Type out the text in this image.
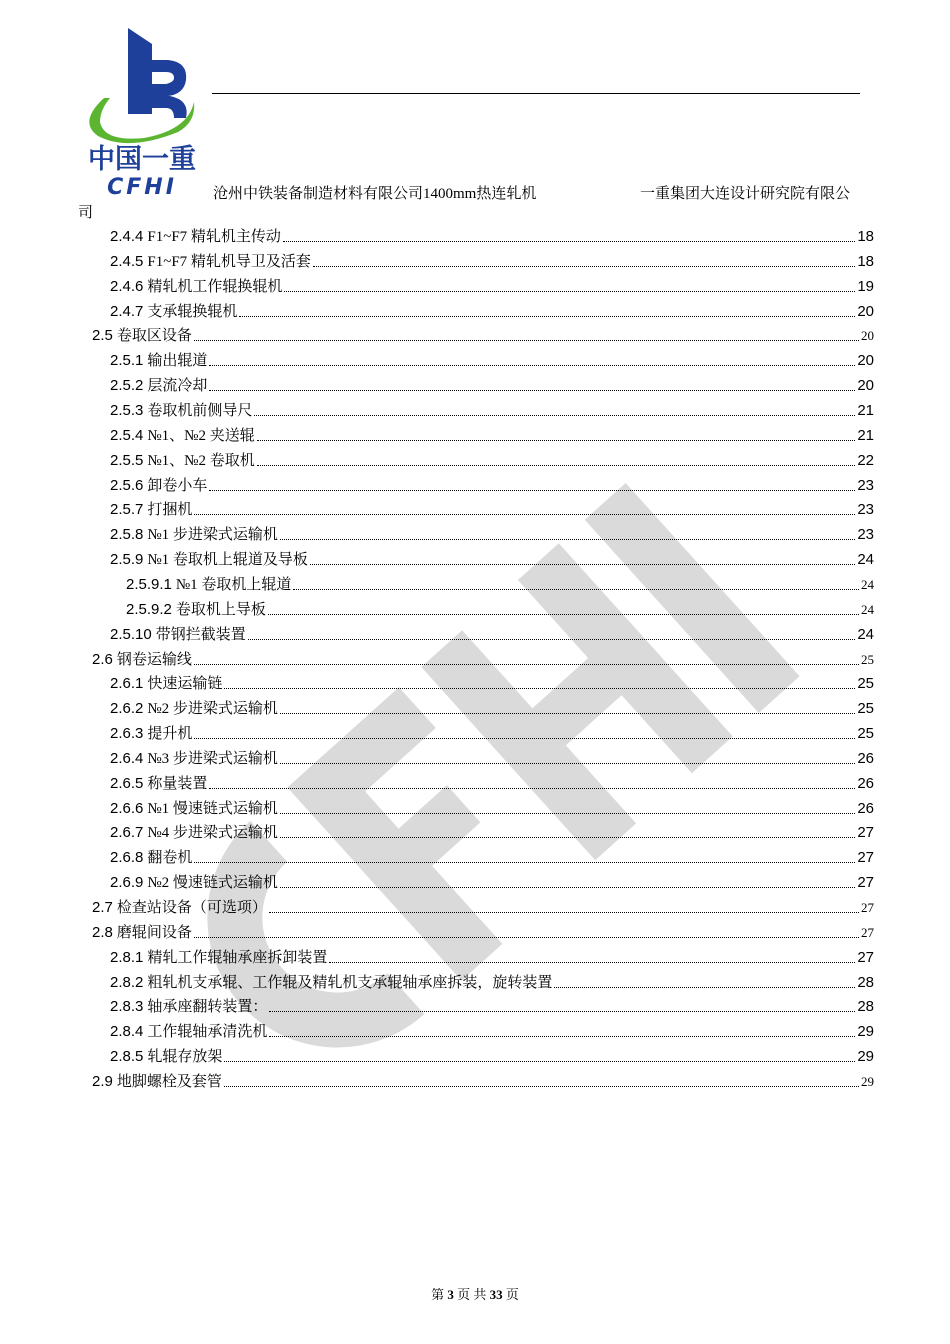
中国一重
CFHI 沧州中铁装备制造材料有限公司1400mm热连轧机	一重集团大连设计研究院有限公
司
2.4.4 F1~F7 精轧机主传动	18
2.4.5 F1~F7 精轧机导卫及活套	18
2.4.6 精轧机工作辊换辊机	19
2.4.7 支承辊换辊机	20
2.5 卷取区设备	20
2.5.1 输出辊道	20
2.5.2 层流冷却	20
2.5.3 卷取机前侧导尺	21
2.5.4 №1、№2 夹送辊	21
2.5.5 №1、№2 卷取机	22
2.5.6 卸卷小车	23
2.5.7 打捆机	23
2.5.8 №1 步进梁式运输机	23
2.5.9 №1 卷取机上辊道及导板	24
2.5.9.1 №1 卷取机上辊道	24
2.5.9.2 卷取机上导板	24
2.5.10 带钢拦截装置	24
2.6 钢卷运输线	25
2.6.1 快速运输链	25
2.6.2 №2 步进梁式运输机	25
2.6.3 提升机	25
2.6.4 №3 步进梁式运输机	26
2.6.5 称量装置	26
2.6.6 №1 慢速链式运输机	26
2.6.7 №4 步进梁式运输机	27
2.6.8 翻卷机	27
2.6.9 №2 慢速链式运输机	27
2.7 检查站设备（可选项）	27
2.8 磨辊间设备	27
2.8.1 精轧工作辊轴承座拆卸装置	27
2.8.2 粗轧机支承辊、工作辊及精轧机支承辊轴承座拆装，旋转装置	28
2.8.3 轴承座翻转装置：	28
2.8.4 工作辊轴承清洗机	29
2.8.5 轧辊存放架	29
2.9 地脚螺栓及套管	29
第 3 页 共 33 页
